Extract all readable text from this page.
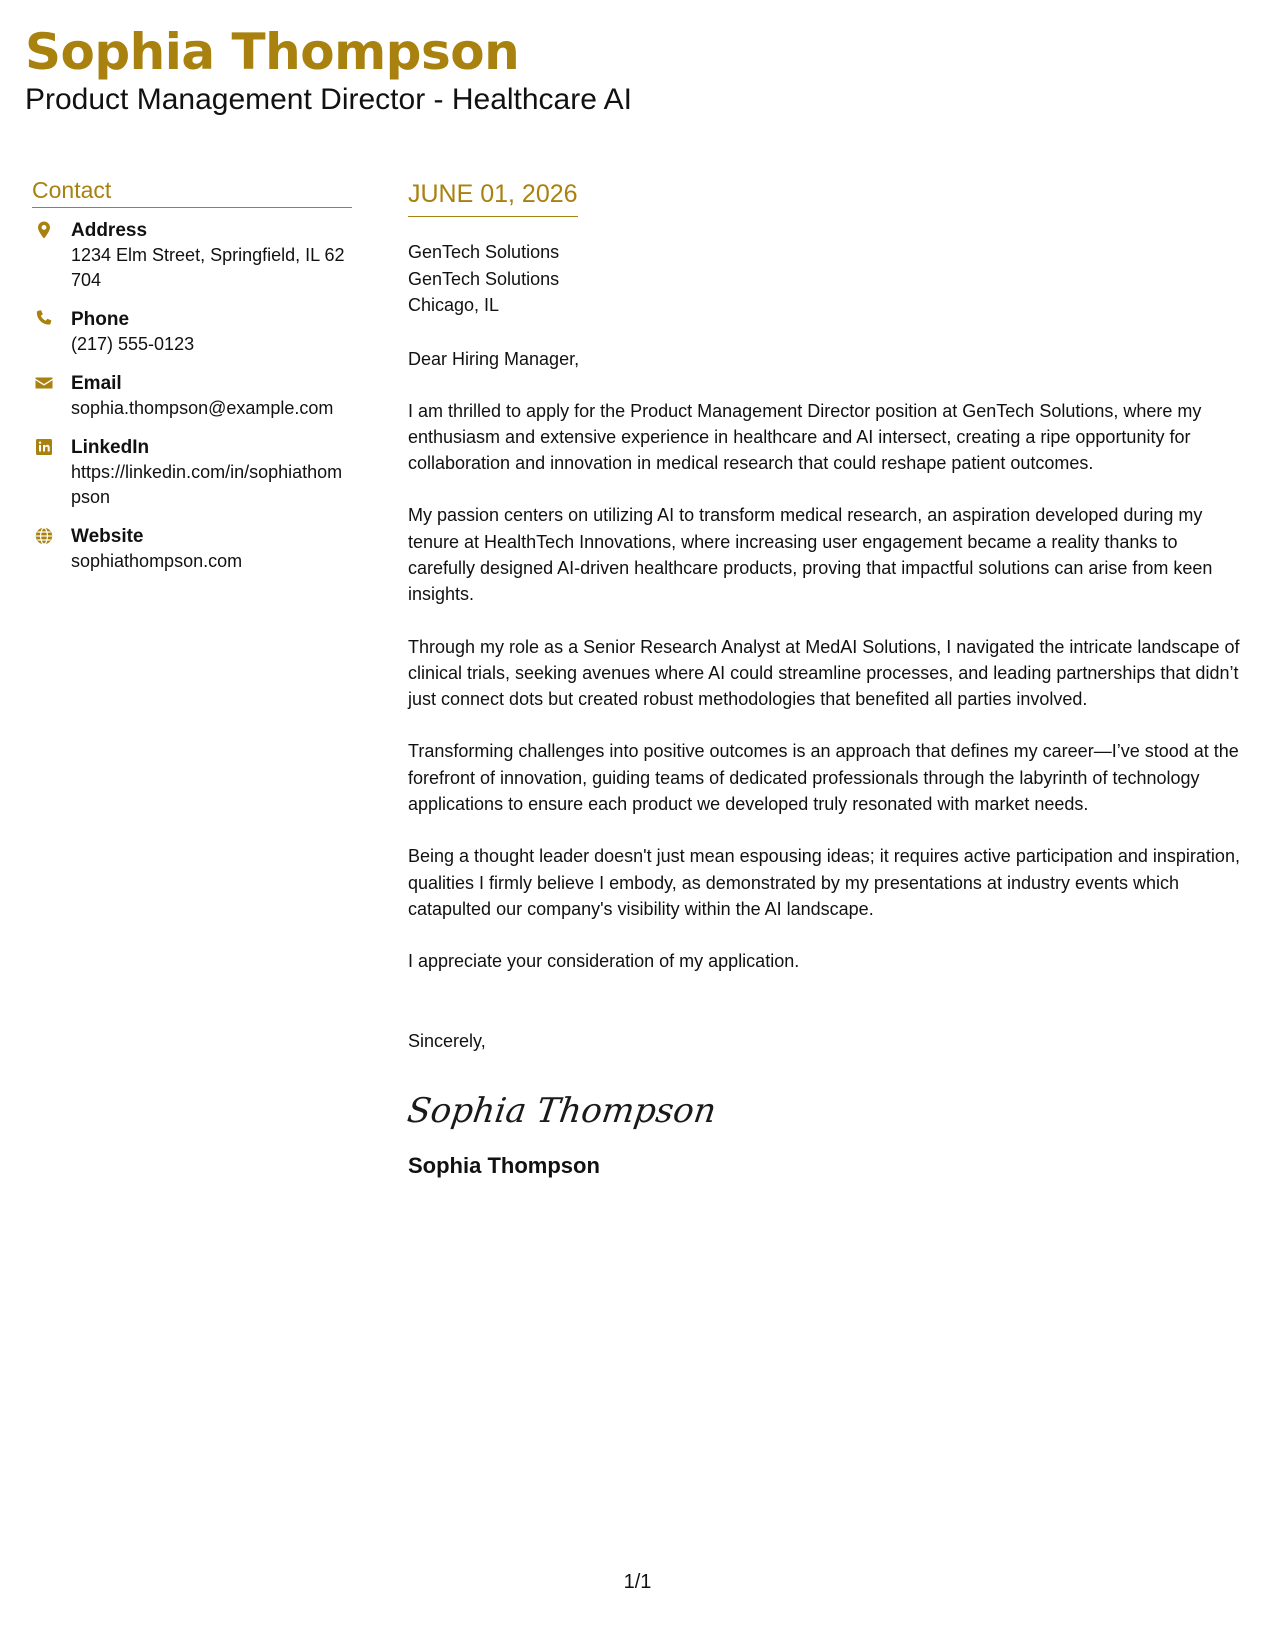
Sophia Thompson
Product Management Director - Healthcare AI
Contact
Address
1234 Elm Street, Springfield, IL 62704
Phone
(217) 555-0123
Email
sophia.thompson@example.com
LinkedIn
https://linkedin.com/in/sophiathompson
Website
sophiathompson.com
JUNE 01, 2026
GenTech Solutions
GenTech Solutions
Chicago, IL
Dear Hiring Manager,
I am thrilled to apply for the Product Management Director position at GenTech Solutions, where my enthusiasm and extensive experience in healthcare and AI intersect, creating a ripe opportunity for collaboration and innovation in medical research that could reshape patient outcomes.
My passion centers on utilizing AI to transform medical research, an aspiration developed during my tenure at HealthTech Innovations, where increasing user engagement became a reality thanks to carefully designed AI-driven healthcare products, proving that impactful solutions can arise from keen insights.
Through my role as a Senior Research Analyst at MedAI Solutions, I navigated the intricate landscape of clinical trials, seeking avenues where AI could streamline processes, and leading partnerships that didn’t just connect dots but created robust methodologies that benefited all parties involved.
Transforming challenges into positive outcomes is an approach that defines my career—I’ve stood at the forefront of innovation, guiding teams of dedicated professionals through the labyrinth of technology applications to ensure each product we developed truly resonated with market needs.
Being a thought leader doesn't just mean espousing ideas; it requires active participation and inspiration, qualities I firmly believe I embody, as demonstrated by my presentations at industry events which catapulted our company's visibility within the AI landscape.
I appreciate your consideration of my application.
Sincerely,
Sophia Thompson
Sophia Thompson
1/1
